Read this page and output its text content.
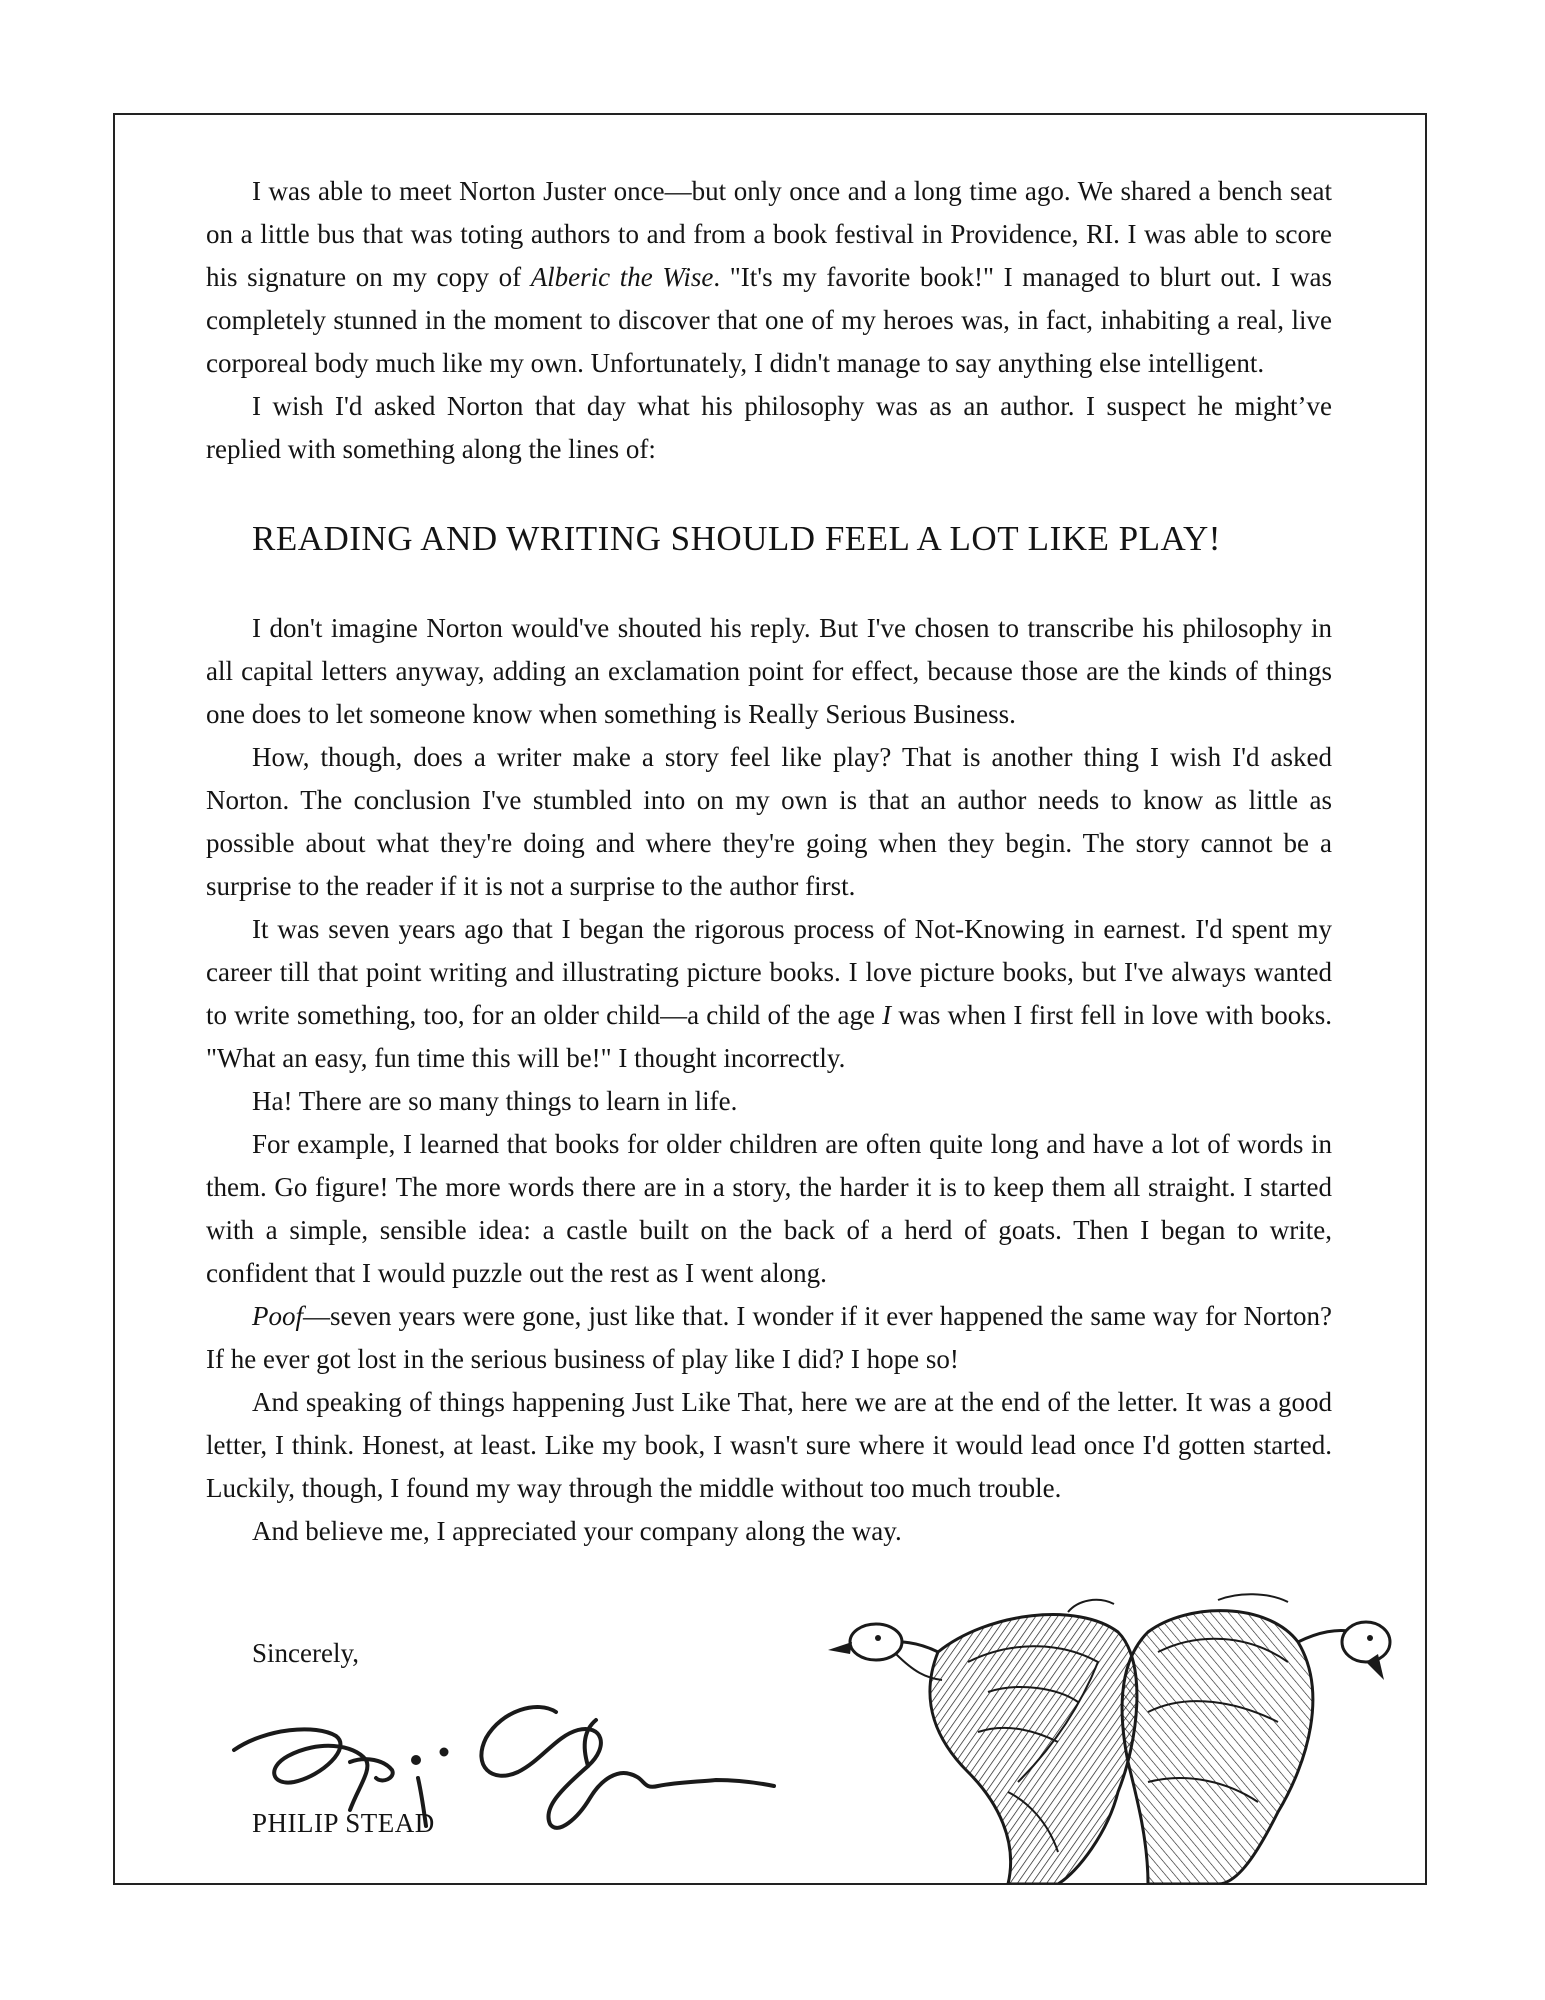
I was able to meet Norton Juster once—but only once and a long time ago. We shared a bench seat on a little bus that was toting authors to and from a book festival in Providence, RI. I was able to score his signature on my copy of Alberic the Wise. "It's my favorite book!" I managed to blurt out. I was completely stunned in the moment to discover that one of my heroes was, in fact, inhabiting a real, live corporeal body much like my own. Unfortunately, I didn't manage to say anything else intelligent.

I wish I'd asked Norton that day what his philosophy was as an author. I suspect he might’ve replied with something along the lines of:

READING AND WRITING SHOULD FEEL A LOT LIKE PLAY!

I don't imagine Norton would've shouted his reply. But I've chosen to transcribe his philosophy in all capital letters anyway, adding an exclamation point for effect, because those are the kinds of things one does to let someone know when something is Really Serious Business.

How, though, does a writer make a story feel like play? That is another thing I wish I'd asked Norton. The conclusion I've stumbled into on my own is that an author needs to know as little as possible about what they're doing and where they're going when they begin. The story cannot be a surprise to the reader if it is not a surprise to the author first.

It was seven years ago that I began the rigorous process of Not-Knowing in earnest. I'd spent my career till that point writing and illustrating picture books. I love picture books, but I've always wanted to write something, too, for an older child—a child of the age I was when I first fell in love with books. "What an easy, fun time this will be!" I thought incorrectly.

Ha! There are so many things to learn in life.

For example, I learned that books for older children are often quite long and have a lot of words in them. Go figure! The more words there are in a story, the harder it is to keep them all straight. I started with a simple, sensible idea: a castle built on the back of a herd of goats. Then I began to write, confident that I would puzzle out the rest as I went along.

Poof—seven years were gone, just like that. I wonder if it ever happened the same way for Norton? If he ever got lost in the serious business of play like I did? I hope so!

And speaking of things happening Just Like That, here we are at the end of the letter. It was a good letter, I think. Honest, at least. Like my book, I wasn't sure where it would lead once I'd gotten started. Luckily, though, I found my way through the middle without too much trouble.

And believe me, I appreciated your company along the way.

Sincerely,
PHILIP STEAD
